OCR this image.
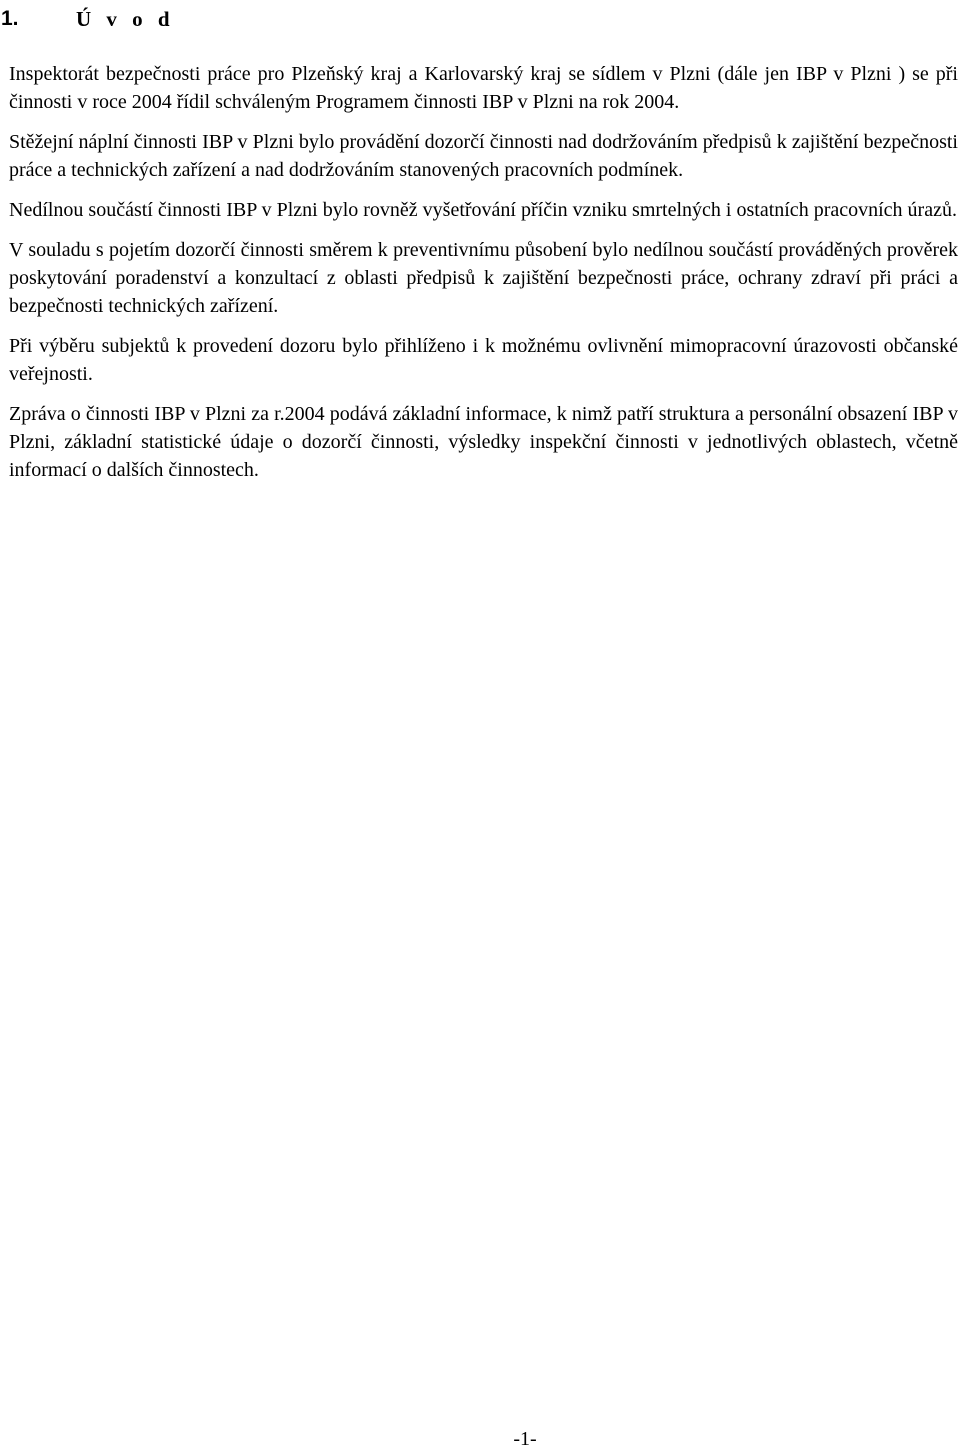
1.	Ú v o d

Inspektorát bezpečnosti práce pro Plzeňský kraj a Karlovarský kraj se sídlem v Plzni (dále jen IBP v Plzni ) se při činnosti v roce 2004 řídil schváleným Programem činnosti IBP v Plzni na rok 2004.

Stěžejní náplní činnosti IBP v Plzni bylo provádění dozorčí činnosti nad dodržováním předpisů k zajištění bezpečnosti práce a technických zařízení a nad dodržováním stanovených pracovních podmínek.

Nedílnou součástí činnosti IBP v Plzni bylo rovněž vyšetřování příčin vzniku smrtelných i ostatních pracovních úrazů.

V souladu s pojetím dozorčí činnosti směrem k preventivnímu působení bylo nedílnou součástí prováděných prověrek poskytování poradenství a konzultací z oblasti předpisů k zajištění bezpečnosti práce, ochrany zdraví při práci a bezpečnosti technických zařízení.

Při výběru subjektů k provedení dozoru bylo přihlíženo i k možnému ovlivnění mimopracovní úrazovosti občanské veřejnosti.

Zpráva o činnosti IBP v Plzni za r.2004 podává základní informace, k nimž patří struktura a personální obsazení IBP v Plzni, základní statistické údaje o dozorčí činnosti, výsledky inspekční činnosti v jednotlivých oblastech, včetně informací o dalších činnostech.

-1-
